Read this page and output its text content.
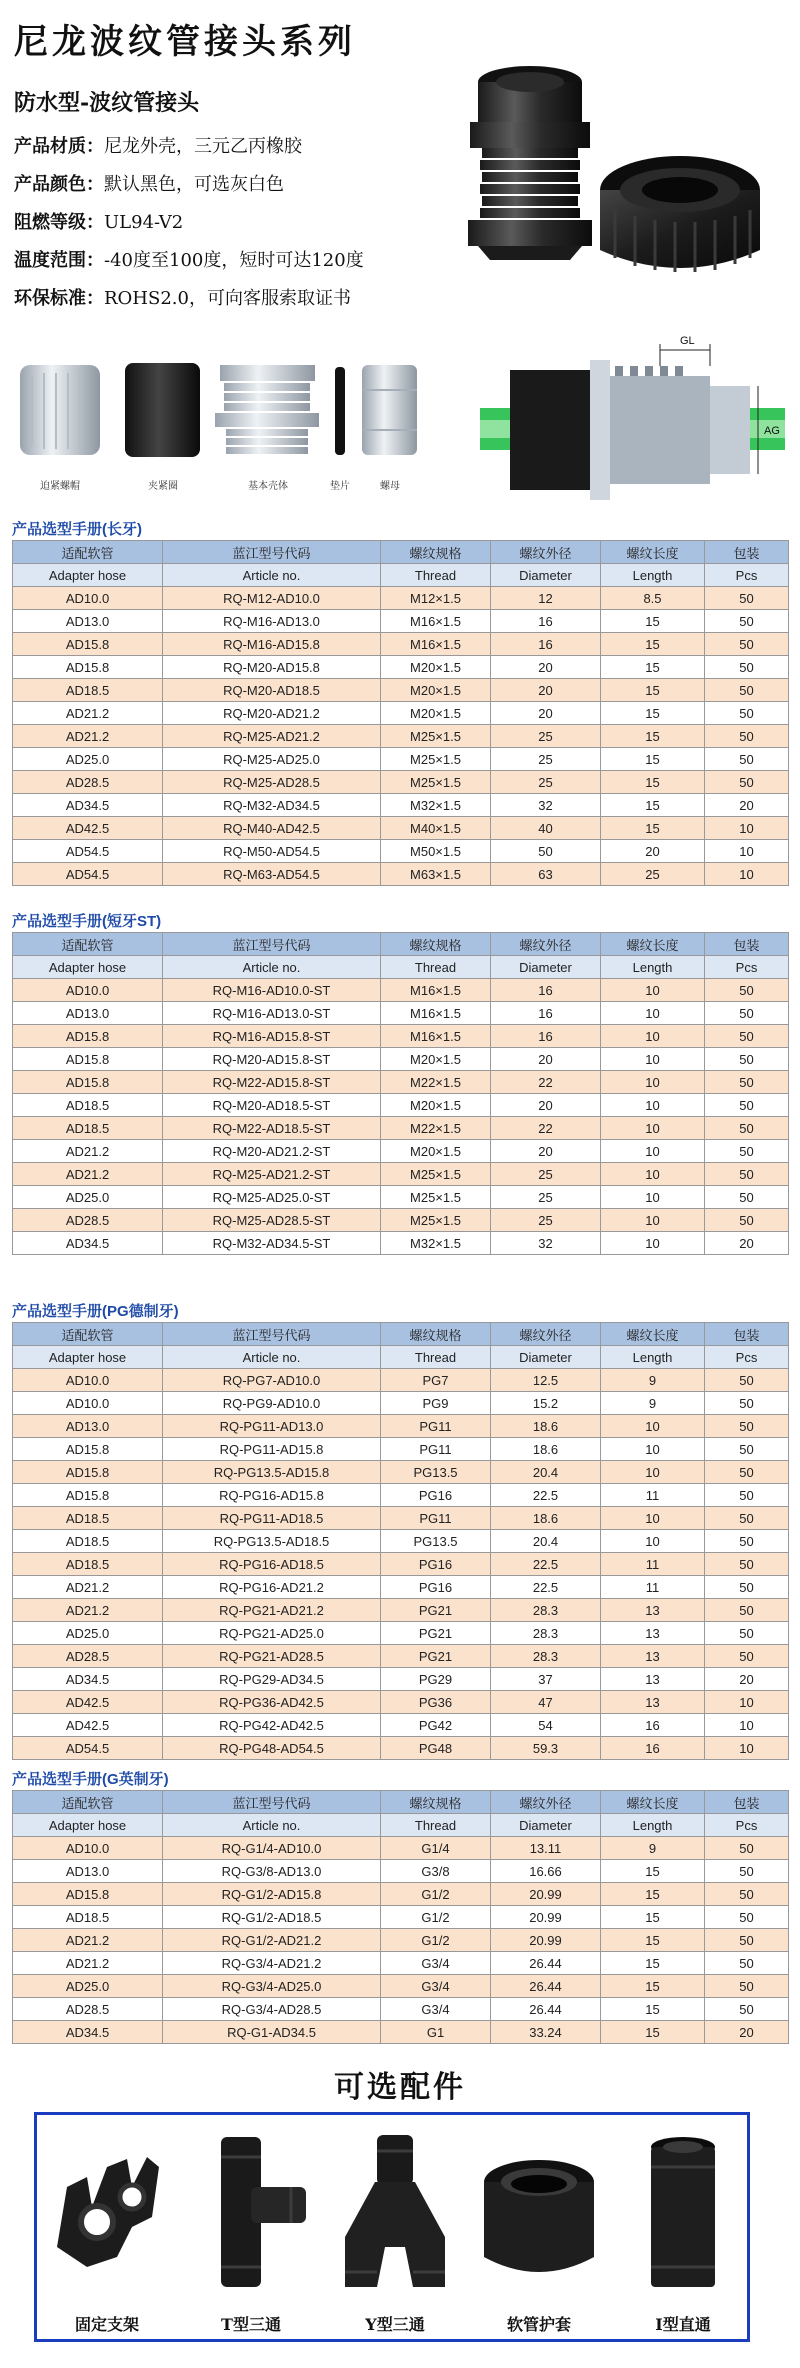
尼龙波纹管接头系列
防水型-波纹管接头
产品材质：尼龙外壳，三元乙丙橡胶
产品颜色：默认黑色，可选灰白色
阻燃等级：UL94-V2
温度范围：-40度至100度，短时可达120度
环保标准：ROHS2.0，可向客服索取证书
迫紧螺帽	夹紧圈	基本壳体	垫片	螺母
GL
AG
产品选型手册(长牙)
适配软管	蓝江型号代码	螺纹规格	螺纹外径	螺纹长度	包装
Adapter hose	Article no.	Thread	Diameter	Length	Pcs
AD10.0	RQ-M12-AD10.0	M12×1.5	12	8.5	50
AD13.0	RQ-M16-AD13.0	M16×1.5	16	15	50
AD15.8	RQ-M16-AD15.8	M16×1.5	16	15	50
AD15.8	RQ-M20-AD15.8	M20×1.5	20	15	50
AD18.5	RQ-M20-AD18.5	M20×1.5	20	15	50
AD21.2	RQ-M20-AD21.2	M20×1.5	20	15	50
AD21.2	RQ-M25-AD21.2	M25×1.5	25	15	50
AD25.0	RQ-M25-AD25.0	M25×1.5	25	15	50
AD28.5	RQ-M25-AD28.5	M25×1.5	25	15	50
AD34.5	RQ-M32-AD34.5	M32×1.5	32	15	20
AD42.5	RQ-M40-AD42.5	M40×1.5	40	15	10
AD54.5	RQ-M50-AD54.5	M50×1.5	50	20	10
AD54.5	RQ-M63-AD54.5	M63×1.5	63	25	10
产品选型手册(短牙ST)
适配软管	蓝江型号代码	螺纹规格	螺纹外径	螺纹长度	包装
Adapter hose	Article no.	Thread	Diameter	Length	Pcs
AD10.0	RQ-M16-AD10.0-ST	M16×1.5	16	10	50
AD13.0	RQ-M16-AD13.0-ST	M16×1.5	16	10	50
AD15.8	RQ-M16-AD15.8-ST	M16×1.5	16	10	50
AD15.8	RQ-M20-AD15.8-ST	M20×1.5	20	10	50
AD15.8	RQ-M22-AD15.8-ST	M22×1.5	22	10	50
AD18.5	RQ-M20-AD18.5-ST	M20×1.5	20	10	50
AD18.5	RQ-M22-AD18.5-ST	M22×1.5	22	10	50
AD21.2	RQ-M20-AD21.2-ST	M20×1.5	20	10	50
AD21.2	RQ-M25-AD21.2-ST	M25×1.5	25	10	50
AD25.0	RQ-M25-AD25.0-ST	M25×1.5	25	10	50
AD28.5	RQ-M25-AD28.5-ST	M25×1.5	25	10	50
AD34.5	RQ-M32-AD34.5-ST	M32×1.5	32	10	20
产品选型手册(PG德制牙)
适配软管	蓝江型号代码	螺纹规格	螺纹外径	螺纹长度	包装
Adapter hose	Article no.	Thread	Diameter	Length	Pcs
AD10.0	RQ-PG7-AD10.0	PG7	12.5	9	50
AD10.0	RQ-PG9-AD10.0	PG9	15.2	9	50
AD13.0	RQ-PG11-AD13.0	PG11	18.6	10	50
AD15.8	RQ-PG11-AD15.8	PG11	18.6	10	50
AD15.8	RQ-PG13.5-AD15.8	PG13.5	20.4	10	50
AD15.8	RQ-PG16-AD15.8	PG16	22.5	11	50
AD18.5	RQ-PG11-AD18.5	PG11	18.6	10	50
AD18.5	RQ-PG13.5-AD18.5	PG13.5	20.4	10	50
AD18.5	RQ-PG16-AD18.5	PG16	22.5	11	50
AD21.2	RQ-PG16-AD21.2	PG16	22.5	11	50
AD21.2	RQ-PG21-AD21.2	PG21	28.3	13	50
AD25.0	RQ-PG21-AD25.0	PG21	28.3	13	50
AD28.5	RQ-PG21-AD28.5	PG21	28.3	13	50
AD34.5	RQ-PG29-AD34.5	PG29	37	13	20
AD42.5	RQ-PG36-AD42.5	PG36	47	13	10
AD42.5	RQ-PG42-AD42.5	PG42	54	16	10
AD54.5	RQ-PG48-AD54.5	PG48	59.3	16	10
产品选型手册(G英制牙)
适配软管	蓝江型号代码	螺纹规格	螺纹外径	螺纹长度	包装
Adapter hose	Article no.	Thread	Diameter	Length	Pcs
AD10.0	RQ-G1/4-AD10.0	G1/4	13.11	9	50
AD13.0	RQ-G3/8-AD13.0	G3/8	16.66	15	50
AD15.8	RQ-G1/2-AD15.8	G1/2	20.99	15	50
AD18.5	RQ-G1/2-AD18.5	G1/2	20.99	15	50
AD21.2	RQ-G1/2-AD21.2	G1/2	20.99	15	50
AD21.2	RQ-G3/4-AD21.2	G3/4	26.44	15	50
AD25.0	RQ-G3/4-AD25.0	G3/4	26.44	15	50
AD28.5	RQ-G3/4-AD28.5	G3/4	26.44	15	50
AD34.5	RQ-G1-AD34.5	G1	33.24	15	20
可选配件
固定支架	T型三通	Y型三通	软管护套	I型直通
